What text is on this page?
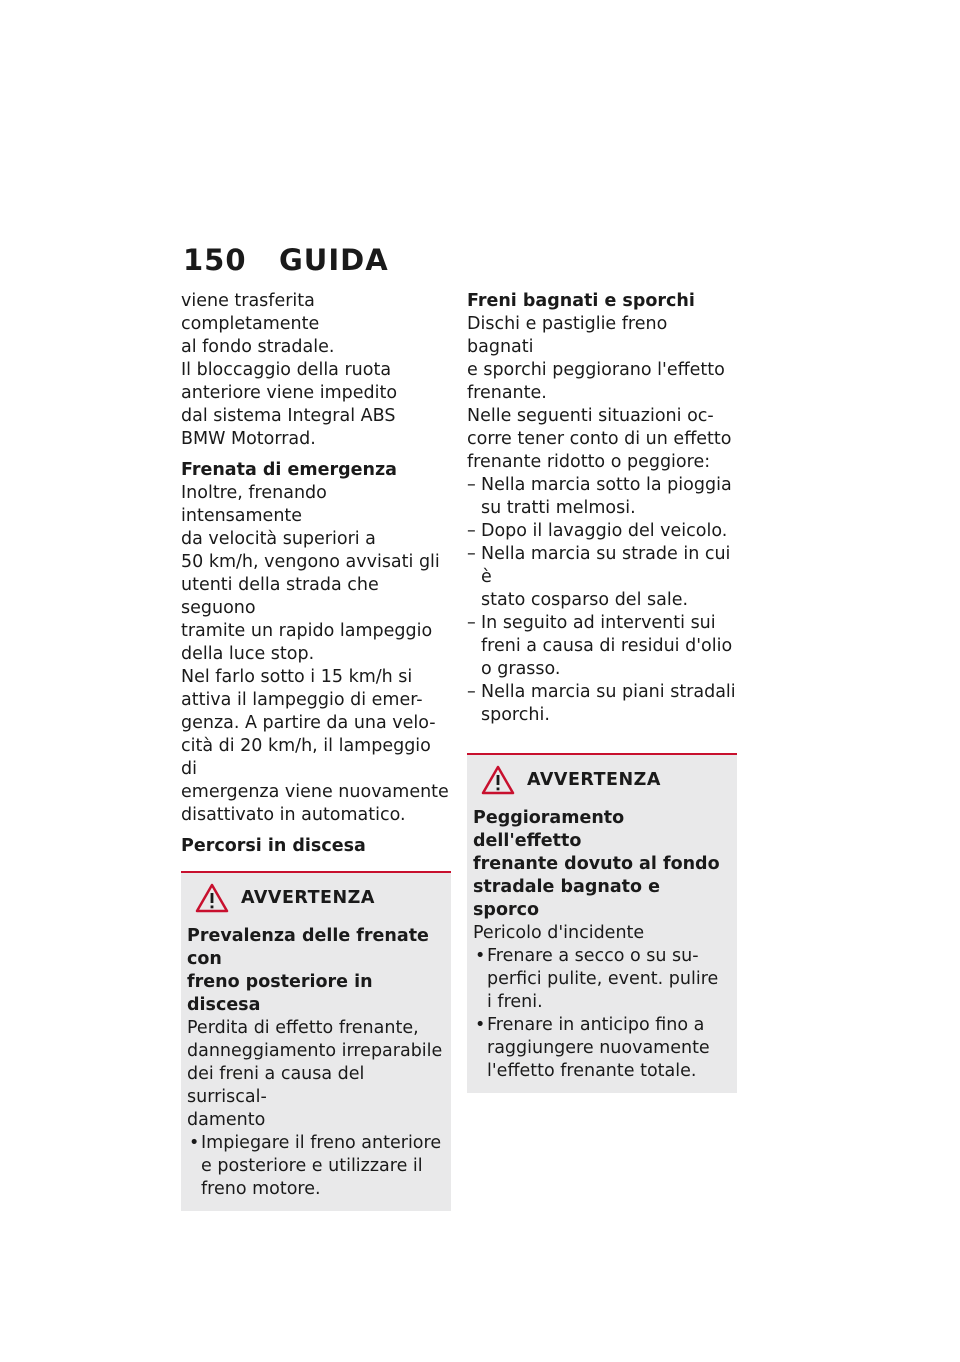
150 GUIDA

viene trasferita completamente
al fondo stradale.

Il bloccaggio della ruota
anteriore viene impedito
dal sistema Integral ABS
BMW Motorrad.

Frenata di emergenza

Inoltre, frenando intensamente
da velocità superiori a
50 km/h, vengono avvisati gli
utenti della strada che seguono
tramite un rapido lampeggio
della luce stop.

Nel farlo sotto i 15 km/h si
attiva il lampeggio di emer-
genza. A partire da una velo-
cità di 20 km/h, il lampeggio di
emergenza viene nuovamente
disattivato in automatico.

Percorsi in discesa
AVVERTENZA
Prevalenza delle frenate con
freno posteriore in discesa

Perdita di effetto frenante,
danneggiamento irreparabile
dei freni a causa del surriscal-
damento

• Impiegare il freno anteriore
e posteriore e utilizzare il
freno motore.
Freni bagnati e sporchi

Dischi e pastiglie freno bagnati
e sporchi peggiorano l'effetto
frenante.

Nelle seguenti situazioni oc-
corre tener conto di un effetto
frenante ridotto o peggiore:

– Nella marcia sotto la pioggia
su tratti melmosi.
– Dopo il lavaggio del veicolo.
– Nella marcia su strade in cui è
stato cosparso del sale.
– In seguito ad interventi sui
freni a causa di residui d'olio
o grasso.
– Nella marcia su piani stradali
sporchi.
AVVERTENZA
Peggioramento dell'effetto
frenante dovuto al fondo
stradale bagnato e sporco

Pericolo d'incidente

• Frenare a secco o su su-
perfici pulite, event. pulire
i freni.
• Frenare in anticipo fino a
raggiungere nuovamente
l'effetto frenante totale.
